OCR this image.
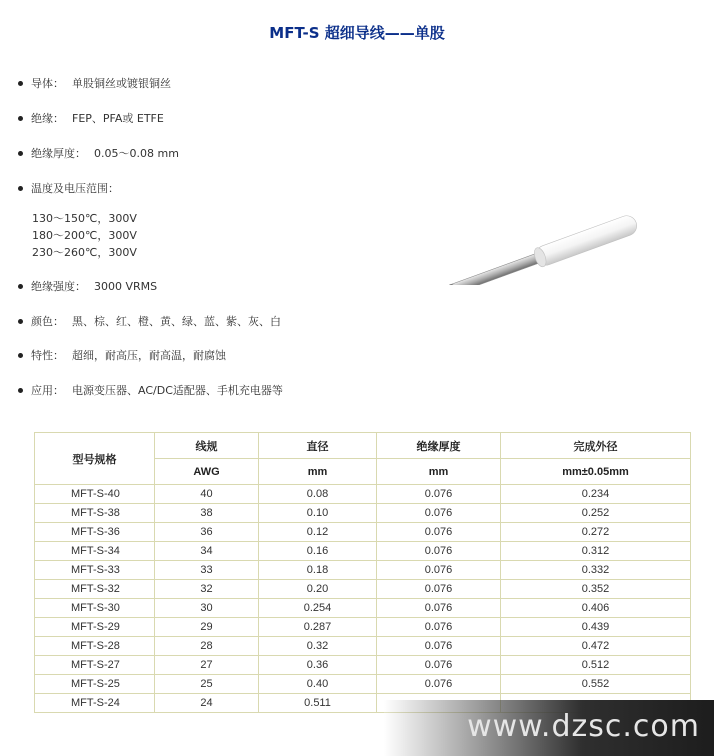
MFT-S 超细导线——单股
导体： 单股铜丝或镀银铜丝
绝缘： FEP、PFA或 ETFE
绝缘厚度： 0.05～0.08 mm
温度及电压范围：
绝缘强度： 3000 VRMS
颜色： 黑、棕、红、橙、黄、绿、蓝、紫、灰、白
特性： 超细，耐高压，耐高温，耐腐蚀
应用： 电源变压器、AC/DC适配器、手机充电器等
130～150℃，300V
180～200℃，300V
230～260℃，300V
型号规格	线规	直径	绝缘厚度	完成外径
	AWG	mm	mm	mm±0.05mm
MFT-S-40	40	0.08	0.076	0.234
MFT-S-38	38	0.10	0.076	0.252
MFT-S-36	36	0.12	0.076	0.272
MFT-S-34	34	0.16	0.076	0.312
MFT-S-33	33	0.18	0.076	0.332
MFT-S-32	32	0.20	0.076	0.352
MFT-S-30	30	0.254	0.076	0.406
MFT-S-29	29	0.287	0.076	0.439
MFT-S-28	28	0.32	0.076	0.472
MFT-S-27	27	0.36	0.076	0.512
MFT-S-25	25	0.40	0.076	0.552
MFT-S-24	24	0.511		
www.dzsc.com
